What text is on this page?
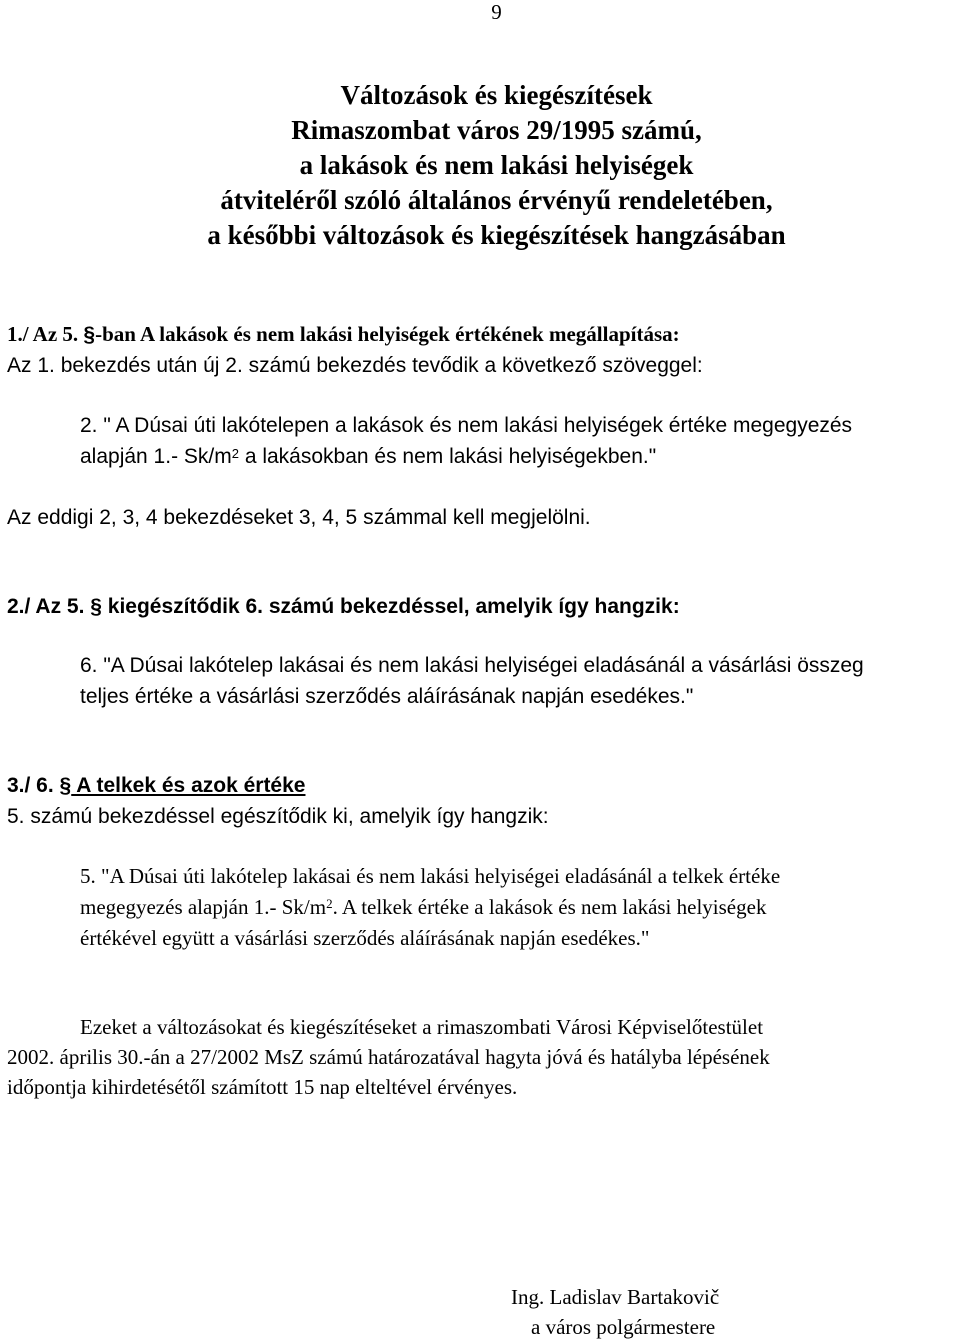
9
Változások és kiegészítések
Rimaszombat város 29/1995 számú,
a lakások és nem lakási helyiségek
átviteléről szóló általános érvényű rendeletében,
a későbbi változások és kiegészítések hangzásában
1./ Az 5. §-ban A lakások és nem lakási helyiségek értékének megállapítása:
Az 1. bekezdés után új 2. számú bekezdés tevődik a következő szöveggel:
2. " A Dúsai úti lakótelepen a lakások és nem lakási helyiségek értéke megegyezés
alapján 1.- $Sk/m^2$ a lakásokban és nem lakási helyiségekben."
Az eddigi 2, 3, 4 bekezdéseket 3, 4, 5 számmal kell megjelölni.
2./ Az 5. § kiegészítődik 6. számú bekezdéssel, amelyik így hangzik:
6. "A Dúsai lakótelep lakásai és nem lakási helyiségei eladásánál a vásárlási összeg
teljes értéke a vásárlási szerződés aláírásának napján esedékes."
3./ 6. § A telkek és azok értéke
5. számú bekezdéssel egészítődik ki, amelyik így hangzik:
5. "A Dúsai úti lakótelep lakásai és nem lakási helyiségei eladásánál a telkek értéke
megegyezés alapján 1.- $Sk/m^2$. A telkek értéke a lakások és nem lakási helyiségek
értékével együtt a vásárlási szerződés aláírásának napján esedékes."
Ezeket a változásokat és kiegészítéseket a rimaszombati Városi Képviselőtestület
2002. április 30.-án a 27/2002 MsZ számú határozatával hagyta jóvá és hatályba lépésének
időpontja kihirdetésétől számított 15 nap elteltével érvényes.
Ing. Ladislav Bartakovič
a város polgármestere
